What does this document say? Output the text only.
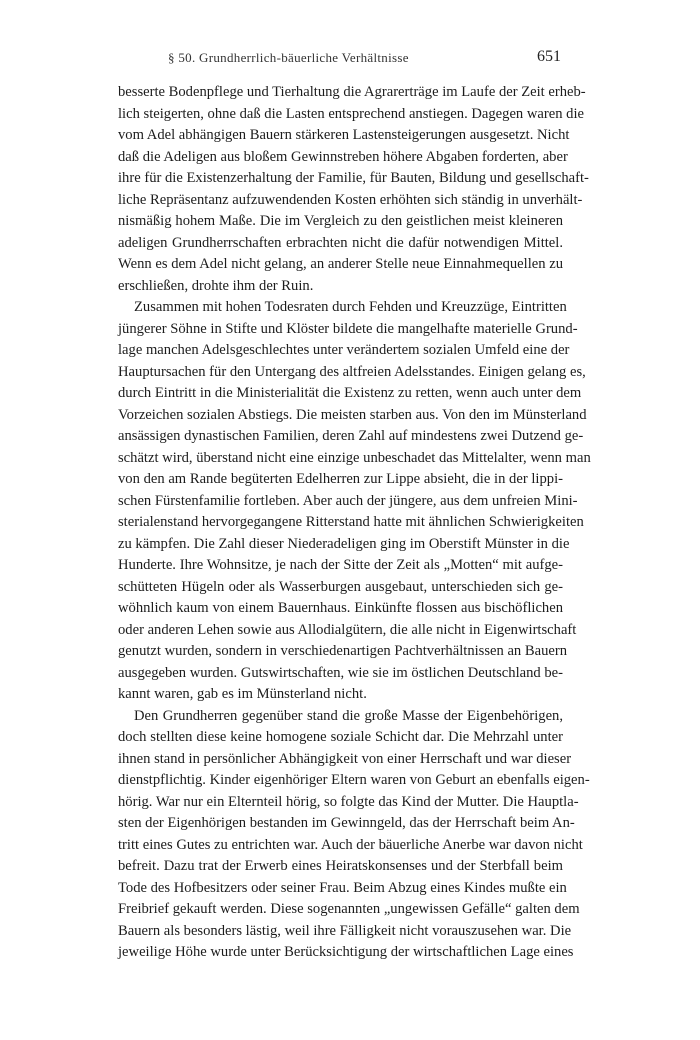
§ 50. Grundherrlich-bäuerliche Verhältnisse	651

besserte Bodenpflege und Tierhaltung die Agrarerträge im Laufe der Zeit erheb-
lich steigerten, ohne daß die Lasten entsprechend anstiegen. Dagegen waren die
vom Adel abhängigen Bauern stärkeren Lastensteigerungen ausgesetzt. Nicht
daß die Adeligen aus bloßem Gewinnstreben höhere Abgaben forderten, aber
ihre für die Existenzerhaltung der Familie, für Bauten, Bildung und gesellschaft-
liche Repräsentanz aufzuwendenden Kosten erhöhten sich ständig in unverhält-
nismäßig hohem Maße. Die im Vergleich zu den geistlichen meist kleineren
adeligen Grundherrschaften erbrachten nicht die dafür notwendigen Mittel.
Wenn es dem Adel nicht gelang, an anderer Stelle neue Einnahmequellen zu
erschließen, drohte ihm der Ruin.

Zusammen mit hohen Todesraten durch Fehden und Kreuzzüge, Eintritten
jüngerer Söhne in Stifte und Klöster bildete die mangelhafte materielle Grund-
lage manchen Adelsgeschlechtes unter verändertem sozialen Umfeld eine der
Hauptursachen für den Untergang des altfreien Adelsstandes. Einigen gelang es,
durch Eintritt in die Ministerialität die Existenz zu retten, wenn auch unter dem
Vorzeichen sozialen Abstiegs. Die meisten starben aus. Von den im Münsterland
ansässigen dynastischen Familien, deren Zahl auf mindestens zwei Dutzend ge-
schätzt wird, überstand nicht eine einzige unbeschadet das Mittelalter, wenn man
von den am Rande begüterten Edelherren zur Lippe absieht, die in der lippi-
schen Fürstenfamilie fortleben. Aber auch der jüngere, aus dem unfreien Mini-
sterialenstand hervorgegangene Ritterstand hatte mit ähnlichen Schwierigkeiten
zu kämpfen. Die Zahl dieser Niederadeligen ging im Oberstift Münster in die
Hunderte. Ihre Wohnsitze, je nach der Sitte der Zeit als „Motten“ mit aufge-
schütteten Hügeln oder als Wasserburgen ausgebaut, unterschieden sich ge-
wöhnlich kaum von einem Bauernhaus. Einkünfte flossen aus bischöflichen
oder anderen Lehen sowie aus Allodialgütern, die alle nicht in Eigenwirtschaft
genutzt wurden, sondern in verschiedenartigen Pachtverhältnissen an Bauern
ausgegeben wurden. Gutswirtschaften, wie sie im östlichen Deutschland be-
kannt waren, gab es im Münsterland nicht.

Den Grundherren gegenüber stand die große Masse der Eigenbehörigen,
doch stellten diese keine homogene soziale Schicht dar. Die Mehrzahl unter
ihnen stand in persönlicher Abhängigkeit von einer Herrschaft und war dieser
dienstpflichtig. Kinder eigenhöriger Eltern waren von Geburt an ebenfalls eigen-
hörig. War nur ein Elternteil hörig, so folgte das Kind der Mutter. Die Hauptla-
sten der Eigenhörigen bestanden im Gewinngeld, das der Herrschaft beim An-
tritt eines Gutes zu entrichten war. Auch der bäuerliche Anerbe war davon nicht
befreit. Dazu trat der Erwerb eines Heiratskonsenses und der Sterbfall beim
Tode des Hofbesitzers oder seiner Frau. Beim Abzug eines Kindes mußte ein
Freibrief gekauft werden. Diese sogenannten „ungewissen Gefälle“ galten dem
Bauern als besonders lästig, weil ihre Fälligkeit nicht vorauszusehen war. Die
jeweilige Höhe wurde unter Berücksichtigung der wirtschaftlichen Lage eines
